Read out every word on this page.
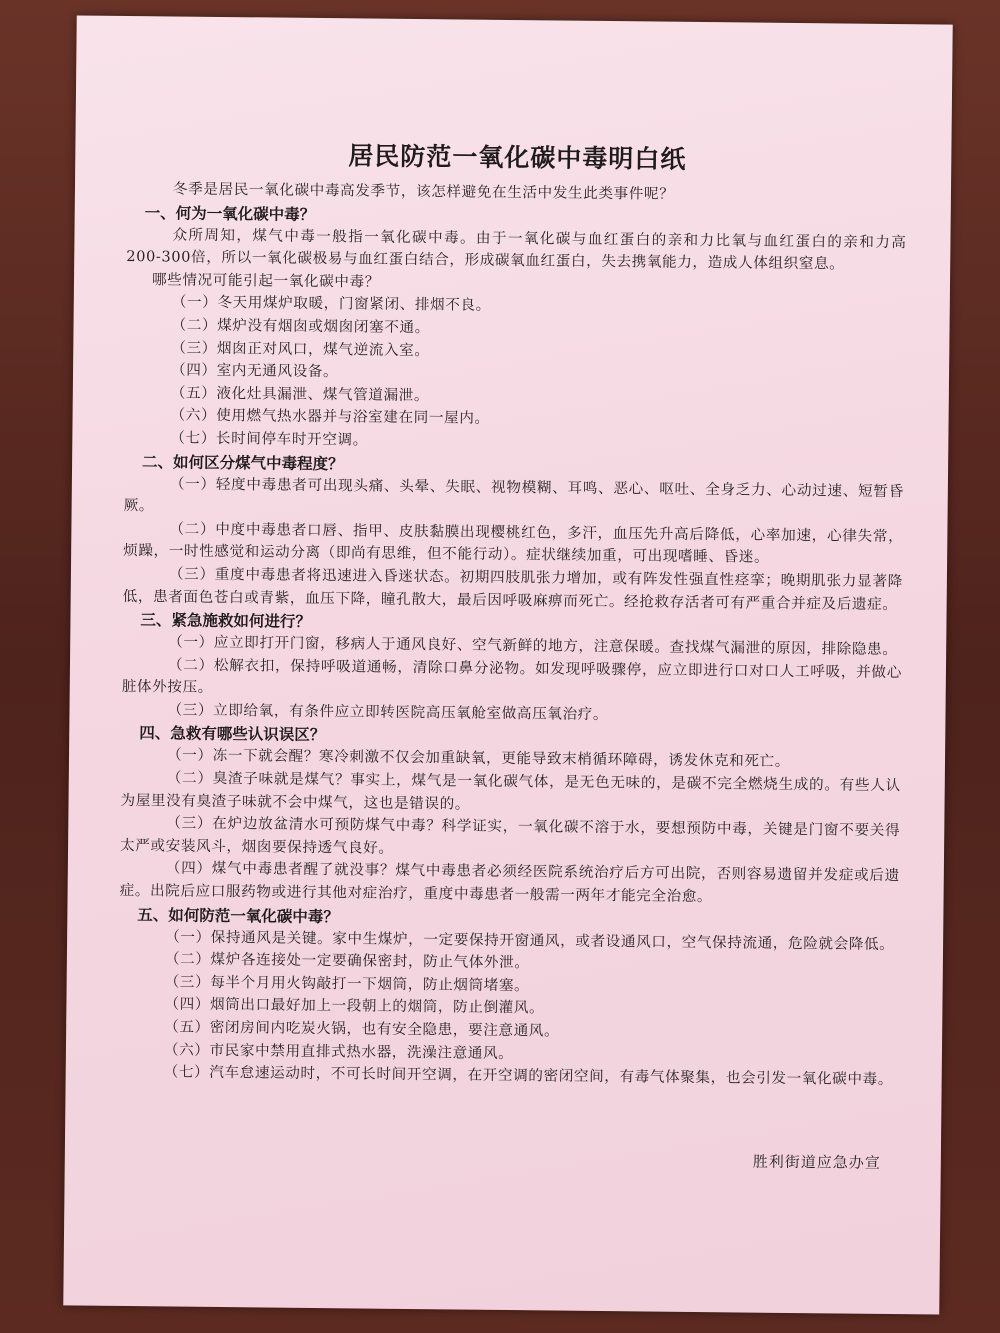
居民防范一氧化碳中毒明白纸
冬季是居民一氧化碳中毒高发季节，该怎样避免在生活中发生此类事件呢？
一、何为一氧化碳中毒？
众所周知，煤气中毒一般指一氧化碳中毒。由于一氧化碳与血红蛋白的亲和力比氧与血红蛋白的亲和力高200-300倍，所以一氧化碳极易与血红蛋白结合，形成碳氧血红蛋白，失去携氧能力，造成人体组织窒息。
哪些情况可能引起一氧化碳中毒？
（一）冬天用煤炉取暖，门窗紧闭、排烟不良。
（二）煤炉没有烟囱或烟囱闭塞不通。
（三）烟囱正对风口，煤气逆流入室。
（四）室内无通风设备。
（五）液化灶具漏泄、煤气管道漏泄。
（六）使用燃气热水器并与浴室建在同一屋内。
（七）长时间停车时开空调。
二、如何区分煤气中毒程度？
（一）轻度中毒患者可出现头痛、头晕、失眠、视物模糊、耳鸣、恶心、呕吐、全身乏力、心动过速、短暂昏厥。
（二）中度中毒患者口唇、指甲、皮肤黏膜出现樱桃红色，多汗，血压先升高后降低，心率加速，心律失常，烦躁，一时性感觉和运动分离（即尚有思维，但不能行动）。症状继续加重，可出现嗜睡、昏迷。
（三）重度中毒患者将迅速进入昏迷状态。初期四肢肌张力增加，或有阵发性强直性痉挛；晚期肌张力显著降低，患者面色苍白或青紫，血压下降，瞳孔散大，最后因呼吸麻痹而死亡。经抢救存活者可有严重合并症及后遗症。
三、紧急施救如何进行？
（一）应立即打开门窗，移病人于通风良好、空气新鲜的地方，注意保暖。查找煤气漏泄的原因，排除隐患。
（二）松解衣扣，保持呼吸道通畅，清除口鼻分泌物。如发现呼吸骤停，应立即进行口对口人工呼吸，并做心脏体外按压。
（三）立即给氧，有条件应立即转医院高压氧舱室做高压氧治疗。
四、急救有哪些认识误区？
（一）冻一下就会醒？寒冷刺激不仅会加重缺氧，更能导致末梢循环障碍，诱发休克和死亡。
（二）臭渣子味就是煤气？事实上，煤气是一氧化碳气体，是无色无味的，是碳不完全燃烧生成的。有些人认为屋里没有臭渣子味就不会中煤气，这也是错误的。
（三）在炉边放盆清水可预防煤气中毒？科学证实，一氧化碳不溶于水，要想预防中毒，关键是门窗不要关得太严或安装风斗，烟囱要保持透气良好。
（四）煤气中毒患者醒了就没事？煤气中毒患者必须经医院系统治疗后方可出院，否则容易遗留并发症或后遗症。出院后应口服药物或进行其他对症治疗，重度中毒患者一般需一两年才能完全治愈。
五、如何防范一氧化碳中毒？
（一）保持通风是关键。家中生煤炉，一定要保持开窗通风，或者设通风口，空气保持流通，危险就会降低。
（二）煤炉各连接处一定要确保密封，防止气体外泄。
（三）每半个月用火钩敲打一下烟筒，防止烟筒堵塞。
（四）烟筒出口最好加上一段朝上的烟筒，防止倒灌风。
（五）密闭房间内吃炭火锅，也有安全隐患，要注意通风。
（六）市民家中禁用直排式热水器，洗澡注意通风。
（七）汽车怠速运动时，不可长时间开空调，在开空调的密闭空间，有毒气体聚集，也会引发一氧化碳中毒。
胜利街道应急办宣
